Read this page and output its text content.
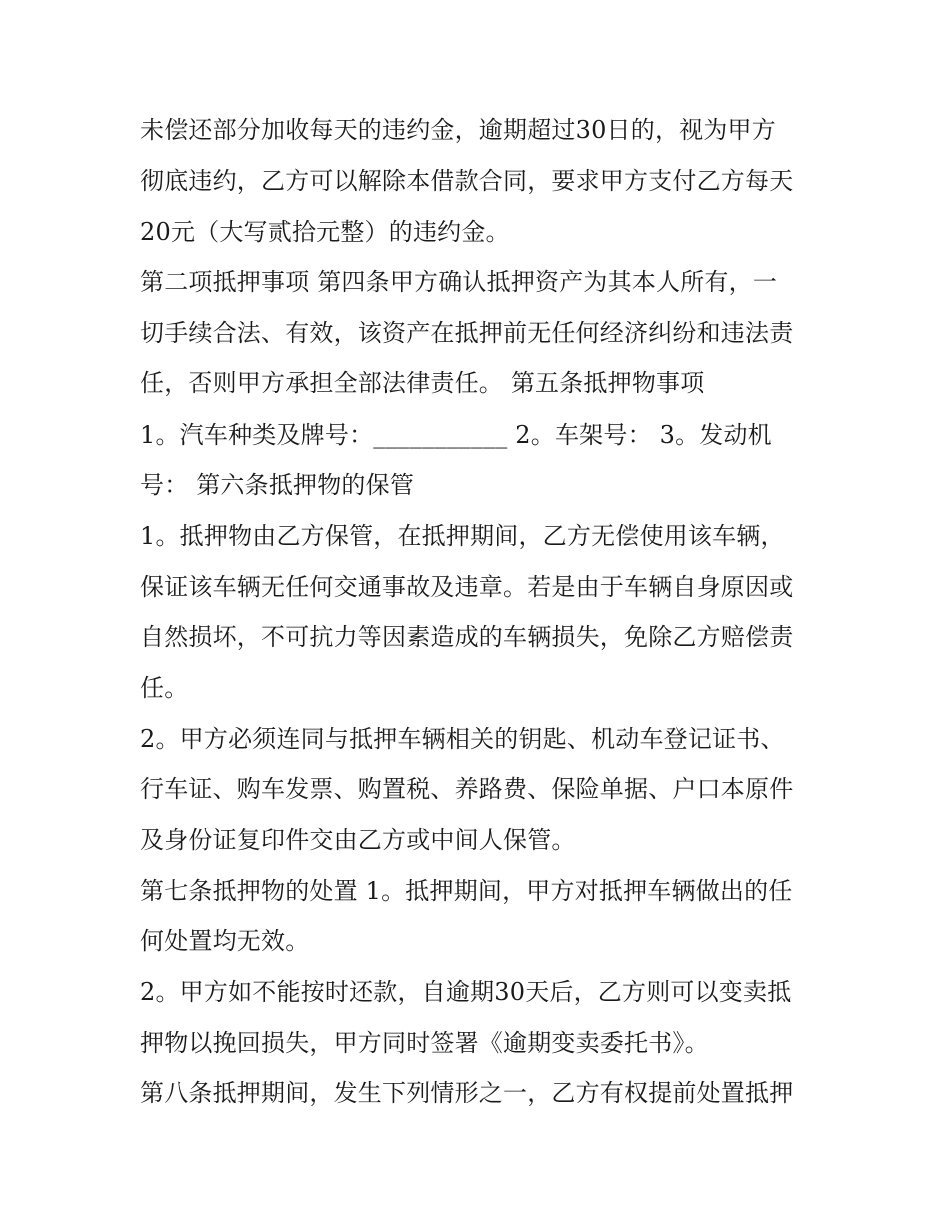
未偿还部分加收每天的违约金，逾期超过30日的，视为甲方
彻底违约，乙方可以解除本借款合同，要求甲方支付乙方每天
20元（大写贰拾元整）的违约金。
第二项抵押事项 第四条甲方确认抵押资产为其本人所有，一
切手续合法、有效，该资产在抵押前无任何经济纠纷和违法责
任，否则甲方承担全部法律责任。 第五条抵押物事项
1。汽车种类及牌号：___________ 2。车架号： 3。发动机
号： 第六条抵押物的保管
1。抵押物由乙方保管，在抵押期间，乙方无偿使用该车辆，
保证该车辆无任何交通事故及违章。若是由于车辆自身原因或
自然损坏，不可抗力等因素造成的车辆损失，免除乙方赔偿责
任。
2。甲方必须连同与抵押车辆相关的钥匙、机动车登记证书、
行车证、购车发票、购置税、养路费、保险单据、户口本原件
及身份证复印件交由乙方或中间人保管。
第七条抵押物的处置 1。抵押期间，甲方对抵押车辆做出的任
何处置均无效。
2。甲方如不能按时还款，自逾期30天后，乙方则可以变卖抵
押物以挽回损失，甲方同时签署《逾期变卖委托书》。
第八条抵押期间，发生下列情形之一，乙方有权提前处置抵押
